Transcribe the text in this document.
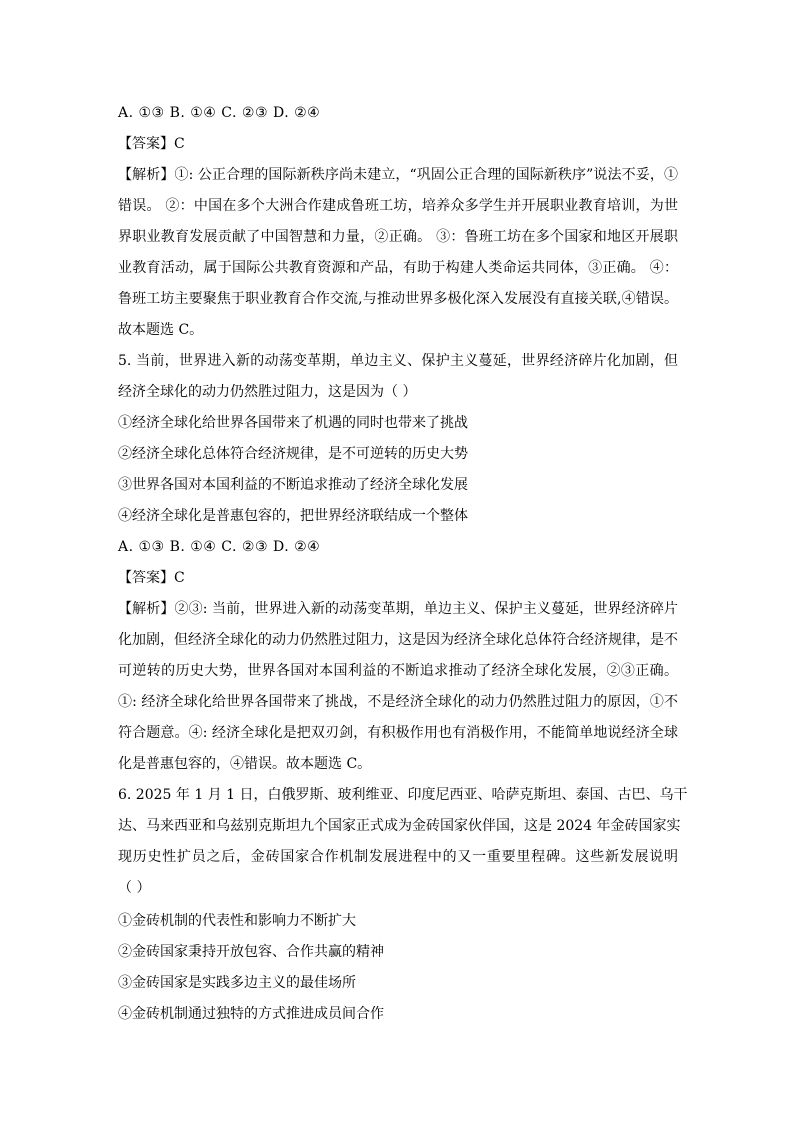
A. ①③ B. ①④ C. ②③ D. ②④
【答案】C
【解析】①: 公正合理的国际新秩序尚未建立，“巩固公正合理的国际新秩序”说法不妥，①
错误。 ②：中国在多个大洲合作建成鲁班工坊，培养众多学生并开展职业教育培训，为世
界职业教育发展贡献了中国智慧和力量，②正确。 ③：鲁班工坊在多个国家和地区开展职
业教育活动，属于国际公共教育资源和产品，有助于构建人类命运共同体，③正确。 ④：
鲁班工坊主要聚焦于职业教育合作交流,与推动世界多极化深入发展没有直接关联,④错误。
故本题选 C。
5. 当前，世界进入新的动荡变革期，单边主义、保护主义蔓延，世界经济碎片化加剧，但
经济全球化的动力仍然胜过阻力，这是因为（ ）
①经济全球化给世界各国带来了机遇的同时也带来了挑战
②经济全球化总体符合经济规律，是不可逆转的历史大势
③世界各国对本国利益的不断追求推动了经济全球化发展
④经济全球化是普惠包容的，把世界经济联结成一个整体
A. ①③ B. ①④ C. ②③ D. ②④
【答案】C
【解析】②③: 当前，世界进入新的动荡变革期，单边主义、保护主义蔓延，世界经济碎片
化加剧，但经济全球化的动力仍然胜过阻力，这是因为经济全球化总体符合经济规律，是不
可逆转的历史大势，世界各国对本国利益的不断追求推动了经济全球化发展，②③正确。
①: 经济全球化给世界各国带来了挑战，不是经济全球化的动力仍然胜过阻力的原因，①不
符合题意。④: 经济全球化是把双刃剑，有积极作用也有消极作用，不能简单地说经济全球
化是普惠包容的，④错误。故本题选 C。
6. 2025 年 1 月 1 日，白俄罗斯、玻利维亚、印度尼西亚、哈萨克斯坦、泰国、古巴、乌干
达、马来西亚和乌兹别克斯坦九个国家正式成为金砖国家伙伴国，这是 2024 年金砖国家实
现历史性扩员之后，金砖国家合作机制发展进程中的又一重要里程碑。这些新发展说明
（ ）
①金砖机制的代表性和影响力不断扩大
②金砖国家秉持开放包容、合作共赢的精神
③金砖国家是实践多边主义的最佳场所
④金砖机制通过独特的方式推进成员间合作
